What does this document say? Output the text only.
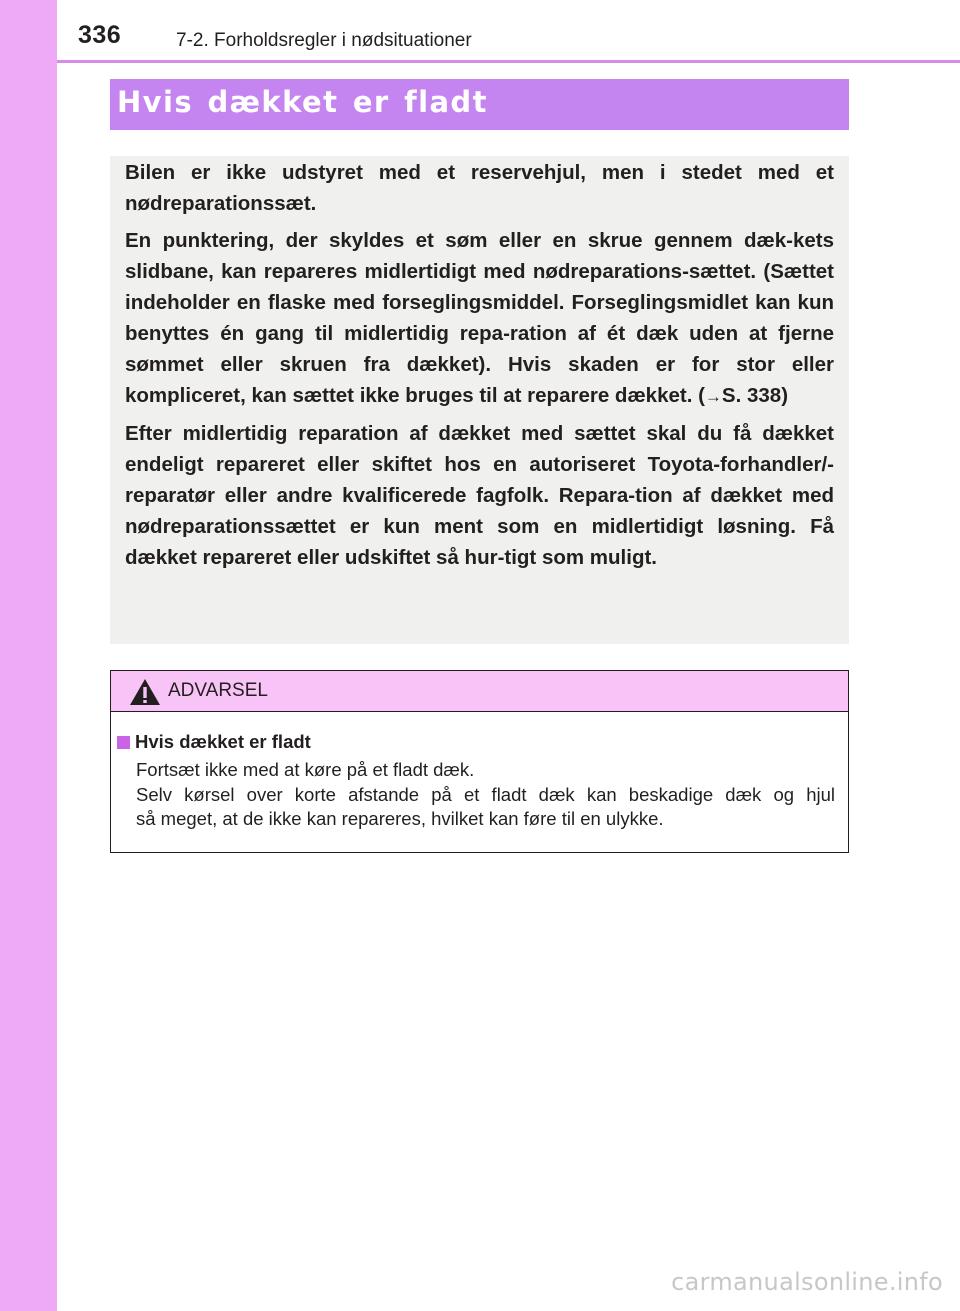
336	7-2. Forholdsregler i nødsituationer
Hvis dækket er fladt

Bilen er ikke udstyret med et reservehjul, men i stedet med et nødreparationssæt.

En punktering, der skyldes et søm eller en skrue gennem dæk-kets slidbane, kan repareres midlertidigt med nødreparations-sættet. (Sættet indeholder en flaske med forseglingsmiddel. Forseglingsmidlet kan kun benyttes én gang til midlertidig repa-ration af ét dæk uden at fjerne sømmet eller skruen fra dækket). Hvis skaden er for stor eller kompliceret, kan sættet ikke bruges til at reparere dækket. (→S. 338)

Efter midlertidig reparation af dækket med sættet skal du få dækket endeligt repareret eller skiftet hos en autoriseret Toyota-forhandler/-reparatør eller andre kvalificerede fagfolk. Repara-tion af dækket med nødreparationssættet er kun ment som en midlertidigt løsning. Få dækket repareret eller udskiftet så hur-tigt som muligt.

ADVARSEL
Hvis dækket er fladt
Fortsæt ikke med at køre på et fladt dæk.
Selv kørsel over korte afstande på et fladt dæk kan beskadige dæk og hjul
så meget, at de ikke kan repareres, hvilket kan føre til en ulykke.
carmanualsonline.info
